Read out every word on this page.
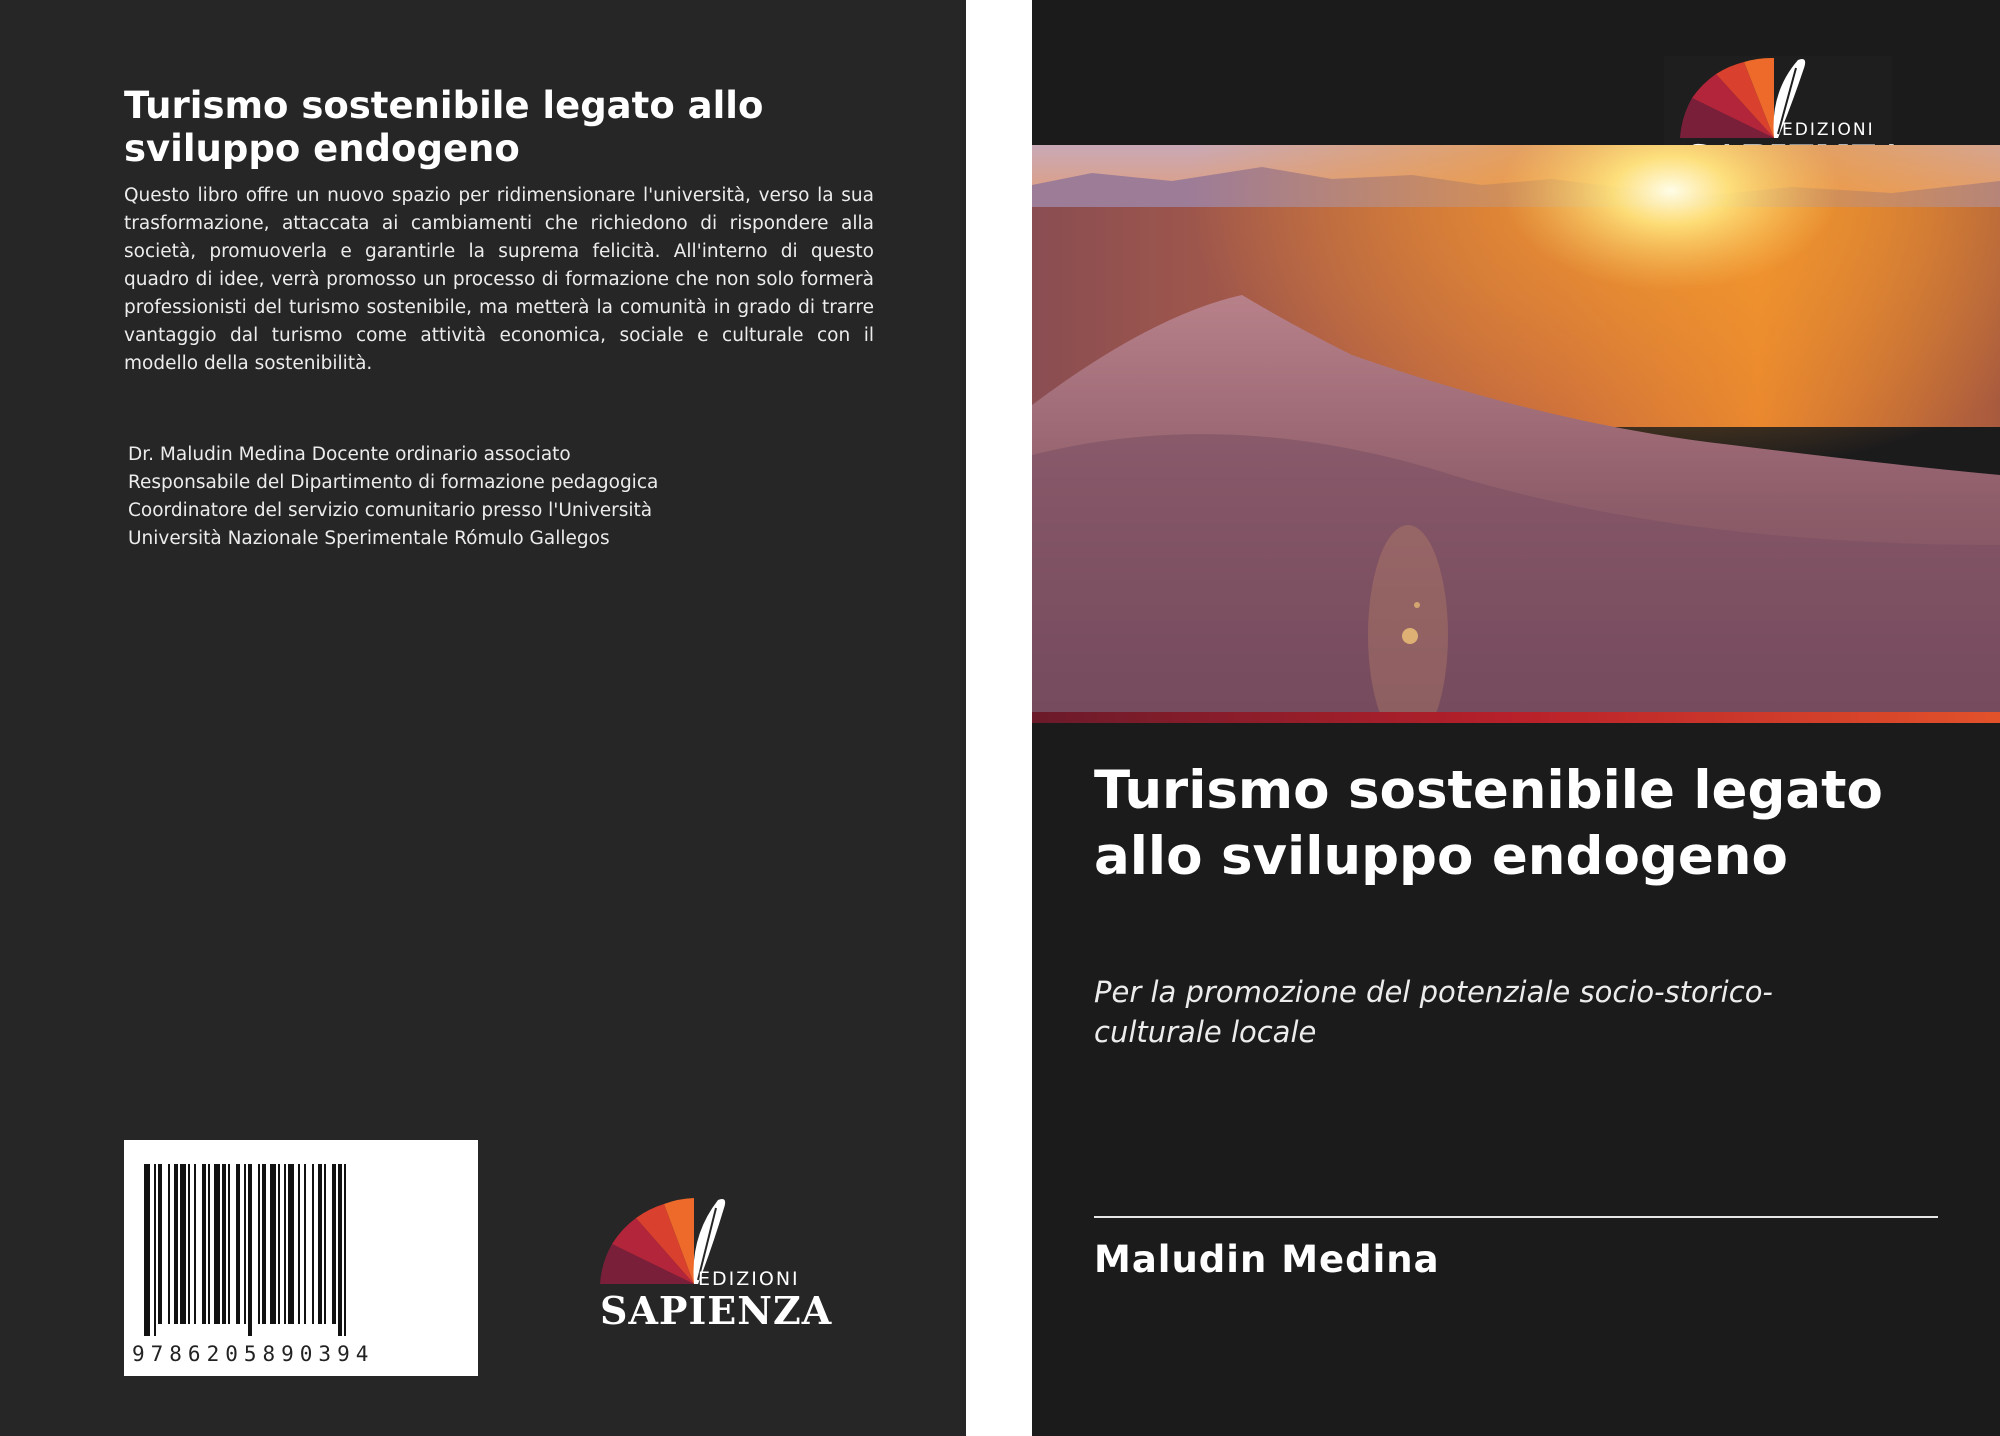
Turismo sostenibile legato allo sviluppo endogeno

Questo libro offre un nuovo spazio per ridimensionare l'università, verso la sua trasformazione, attaccata ai cambiamenti che richiedono di rispondere alla società, promuoverla e garantirle la suprema felicità. All'interno di questo quadro di idee, verrà promosso un processo di formazione che non solo formerà professionisti del turismo sostenibile, ma metterà la comunità in grado di trarre vantaggio dal turismo come attività economica, sociale e culturale con il modello della sostenibilità.

Dr. Maludin Medina Docente ordinario associato
Responsabile del Dipartimento di formazione pedagogica
Coordinatore del servizio comunitario presso l'Università
Università Nazionale Sperimentale Rómulo Gallegos
9786205890394
EDIZIONI
SAPIENZA
EDIZIONI
Turismo sostenibile legato allo sviluppo endogeno

Per la promozione del potenziale socio-storico-culturale locale

Maludin Medina
